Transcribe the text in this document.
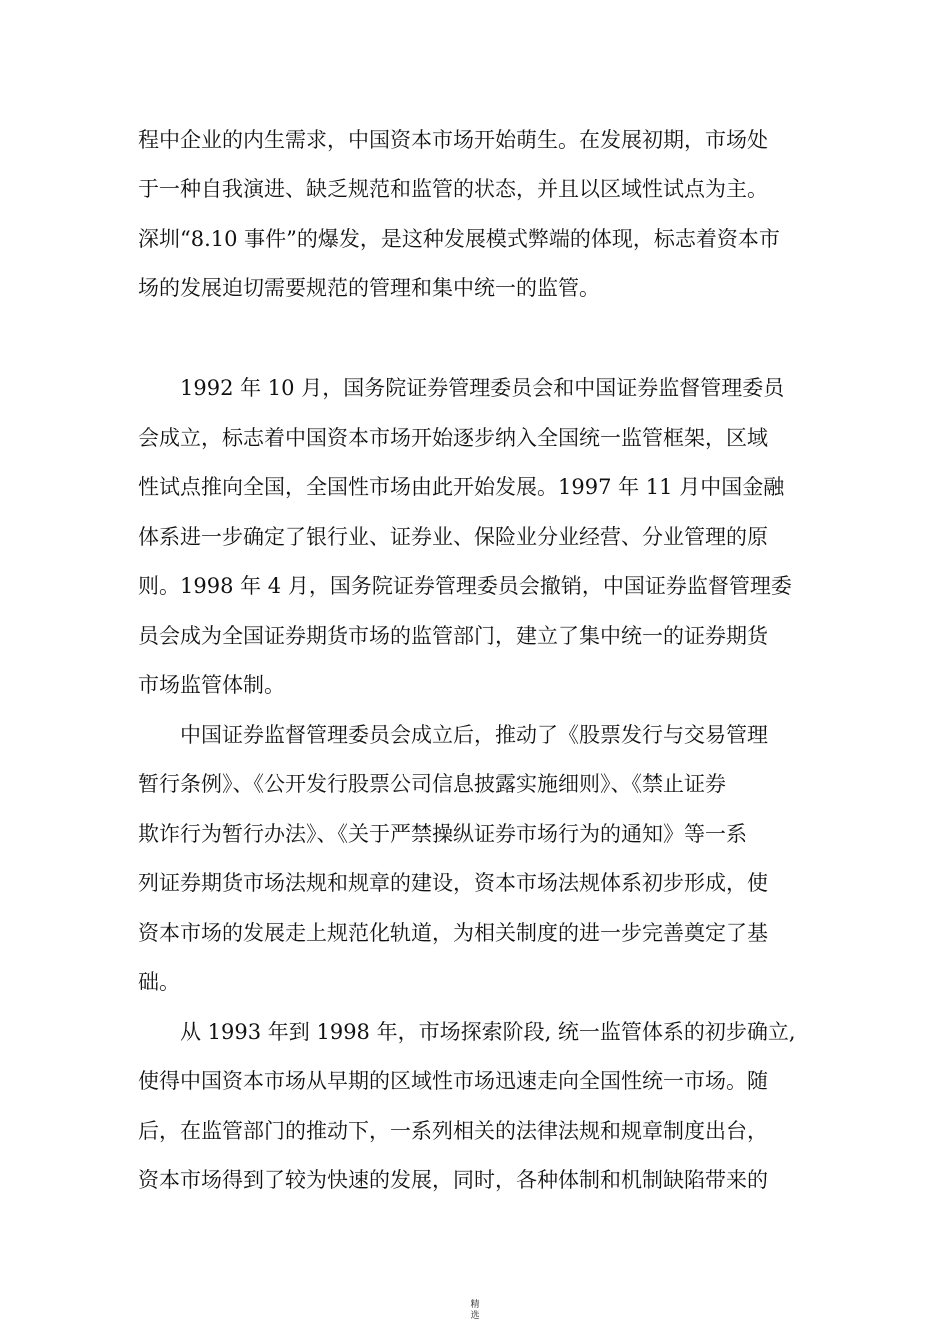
程中企业的内生需求，中国资本市场开始萌生。在发展初期，市场处
于一种自我演进、缺乏规范和监管的状态，并且以区域性试点为主。
深圳“8.10 事件”的爆发，是这种发展模式弊端的体现，标志着资本市
场的发展迫切需要规范的管理和集中统一的监管。
1992 年 10 月，国务院证券管理委员会和中国证券监督管理委员
会成立，标志着中国资本市场开始逐步纳入全国统一监管框架，区域
性试点推向全国，全国性市场由此开始发展。1997 年 11 月中国金融
体系进一步确定了银行业、证券业、保险业分业经营、分业管理的原
则。1998 年 4 月，国务院证券管理委员会撤销，中国证券监督管理委
员会成为全国证券期货市场的监管部门，建立了集中统一的证券期货
市场监管体制。
中国证券监督管理委员会成立后，推动了《股票发行与交易管理
暂行条例》、《公开发行股票公司信息披露实施细则》、《禁止证券
欺诈行为暂行办法》、《关于严禁操纵证券市场行为的通知》等一系
列证券期货市场法规和规章的建设，资本市场法规体系初步形成，使
资本市场的发展走上规范化轨道，为相关制度的进一步完善奠定了基
础。
从 1993 年到 1998 年，市场探索阶段, 统一监管体系的初步确立,
使得中国资本市场从早期的区域性市场迅速走向全国性统一市场。随
后，在监管部门的推动下，一系列相关的法律法规和规章制度出台，
资本市场得到了较为快速的发展，同时，各种体制和机制缺陷带来的
精
选
